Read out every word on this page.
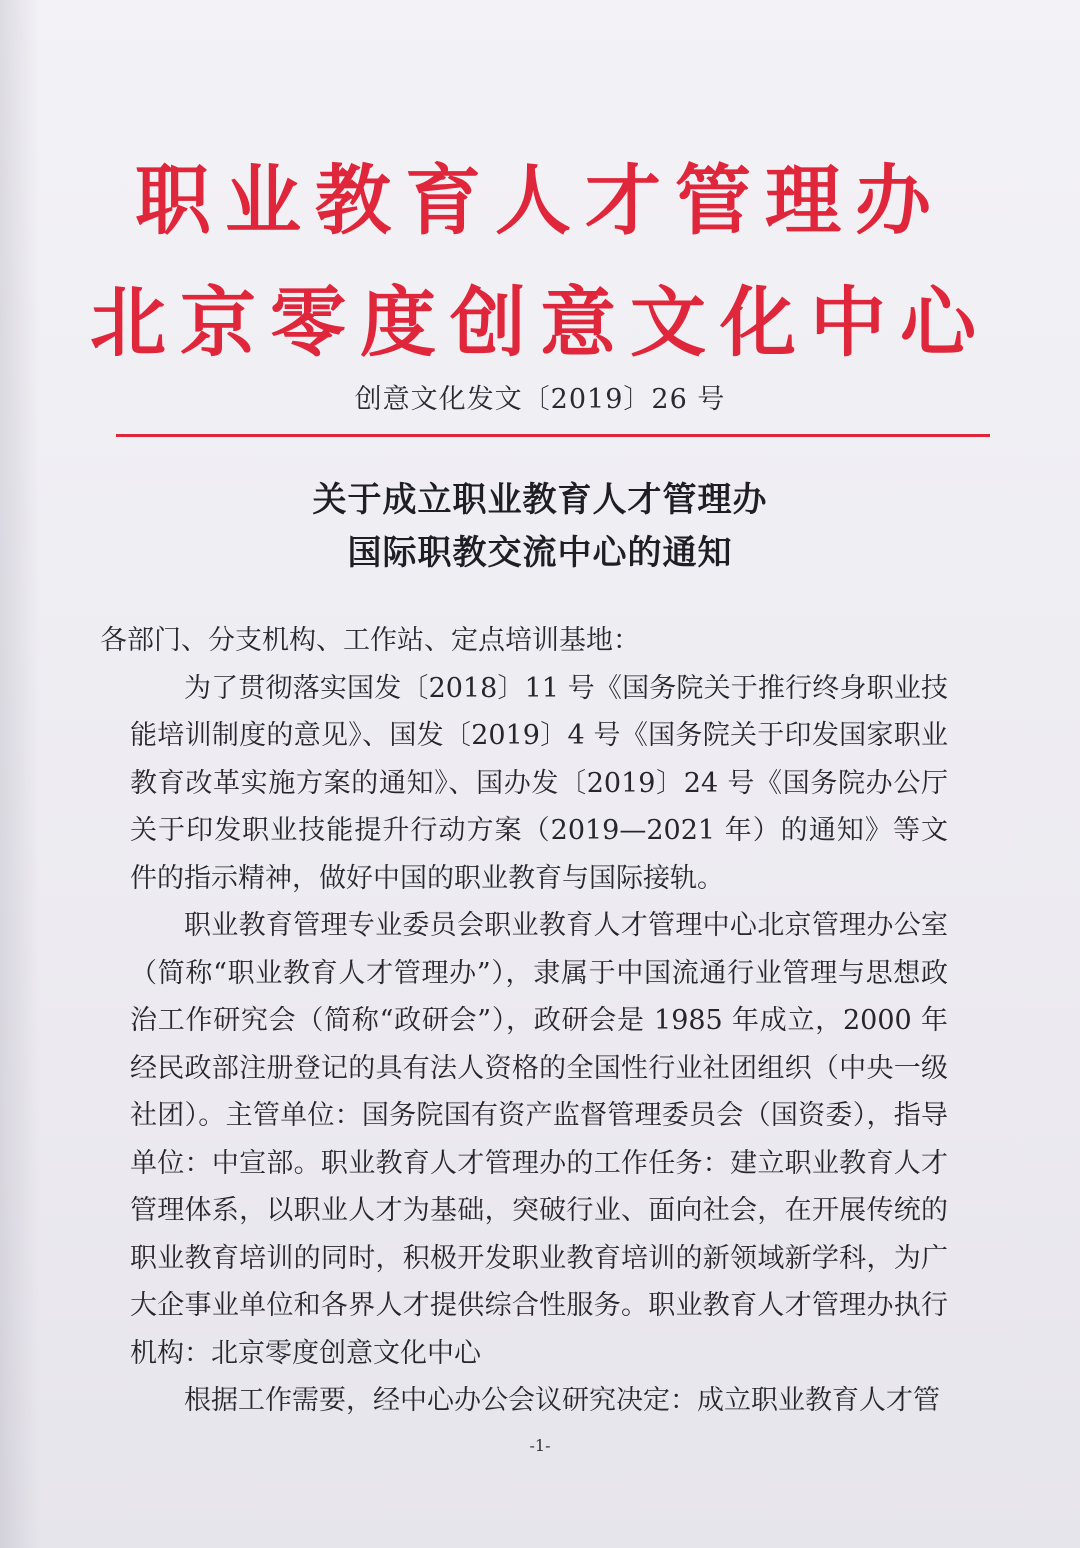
职业教育人才管理办
北京零度创意文化中心
创意文化发文〔2019〕26 号
关于成立职业教育人才管理办
国际职教交流中心的通知
各部门、分支机构、工作站、定点培训基地：

为了贯彻落实国发〔2018〕11 号《国务院关于推行终身职业技能培训制度的意见》、国发〔2019〕4 号《国务院关于印发国家职业教育改革实施方案的通知》、国办发〔2019〕24 号《国务院办公厅关于印发职业技能提升行动方案（2019—2021 年）的通知》等文件的指示精神，做好中国的职业教育与国际接轨。

职业教育管理专业委员会职业教育人才管理中心北京管理办公室（简称“职业教育人才管理办”），隶属于中国流通行业管理与思想政治工作研究会（简称“政研会”），政研会是 1985 年成立，2000 年经民政部注册登记的具有法人资格的全国性行业社团组织（中央一级社团）。主管单位：国务院国有资产监督管理委员会（国资委），指导单位：中宣部。职业教育人才管理办的工作任务：建立职业教育人才管理体系，以职业人才为基础，突破行业、面向社会，在开展传统的职业教育培训的同时，积极开发职业教育培训的新领域新学科，为广大企事业单位和各界人才提供综合性服务。职业教育人才管理办执行机构：北京零度创意文化中心

根据工作需要，经中心办公会议研究决定：成立职业教育人才管

-1-
